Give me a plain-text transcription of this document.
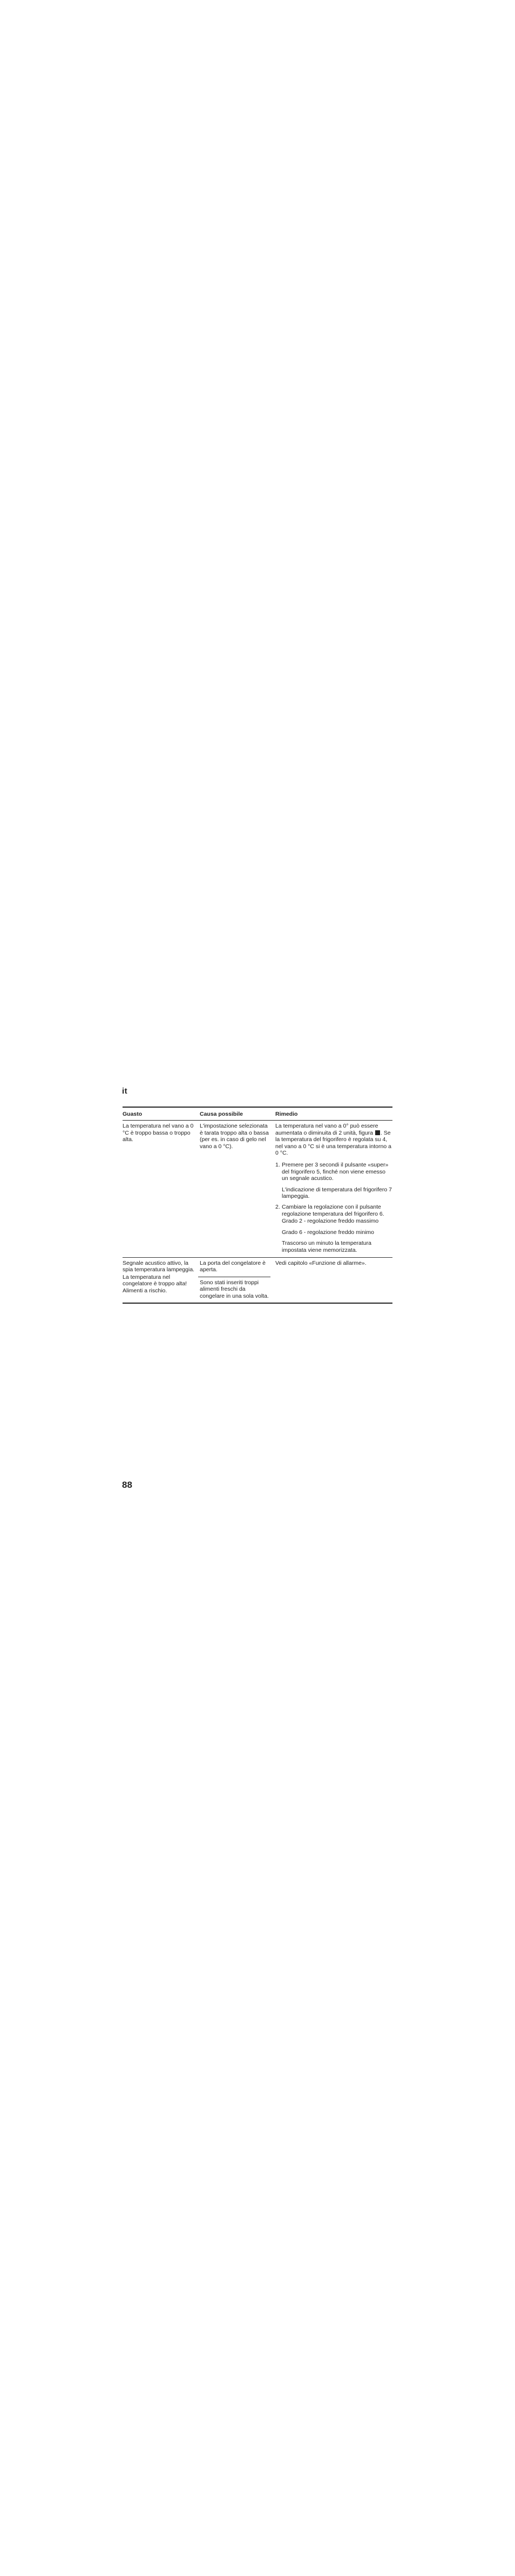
it
Guasto	Causa possibile	Rimedio

La temperatura nel vano a 0 °C è troppo bassa o troppo alta.

L'impostazione selezionata è tarata troppo alta o bassa (per es. in caso di gelo nel vano a 0 °C).

La temperatura nel vano a 0° può essere aumentata o diminuita di 2 unità, figura . Se la temperatura del frigorifero è regolata su 4, nel vano a 0 °C si è una temperatura intorno a 0 °C.

1. Premere per 3 secondi il pulsante «super» del frigorifero 5, finché non viene emesso un segnale acustico.
L'indicazione di temperatura del frigorifero 7 lampeggia.
2. Cambiare la regolazione con il pulsante regolazione temperatura del frigorifero 6.
Grado 2 - regolazione freddo massimo
Grado 6 - regolazione freddo minimo
Trascorso un minuto la temperatura impostata viene memorizzata.

Segnale acustico attivo, la spia temperatura lampeggia.

La temperatura nel congelatore è troppo alta! Alimenti a rischio.

La porta del congelatore è aperta.

Sono stati inseriti troppi alimenti freschi da congelare in una sola volta.

Vedi capitolo «Funzione di allarme».

88
